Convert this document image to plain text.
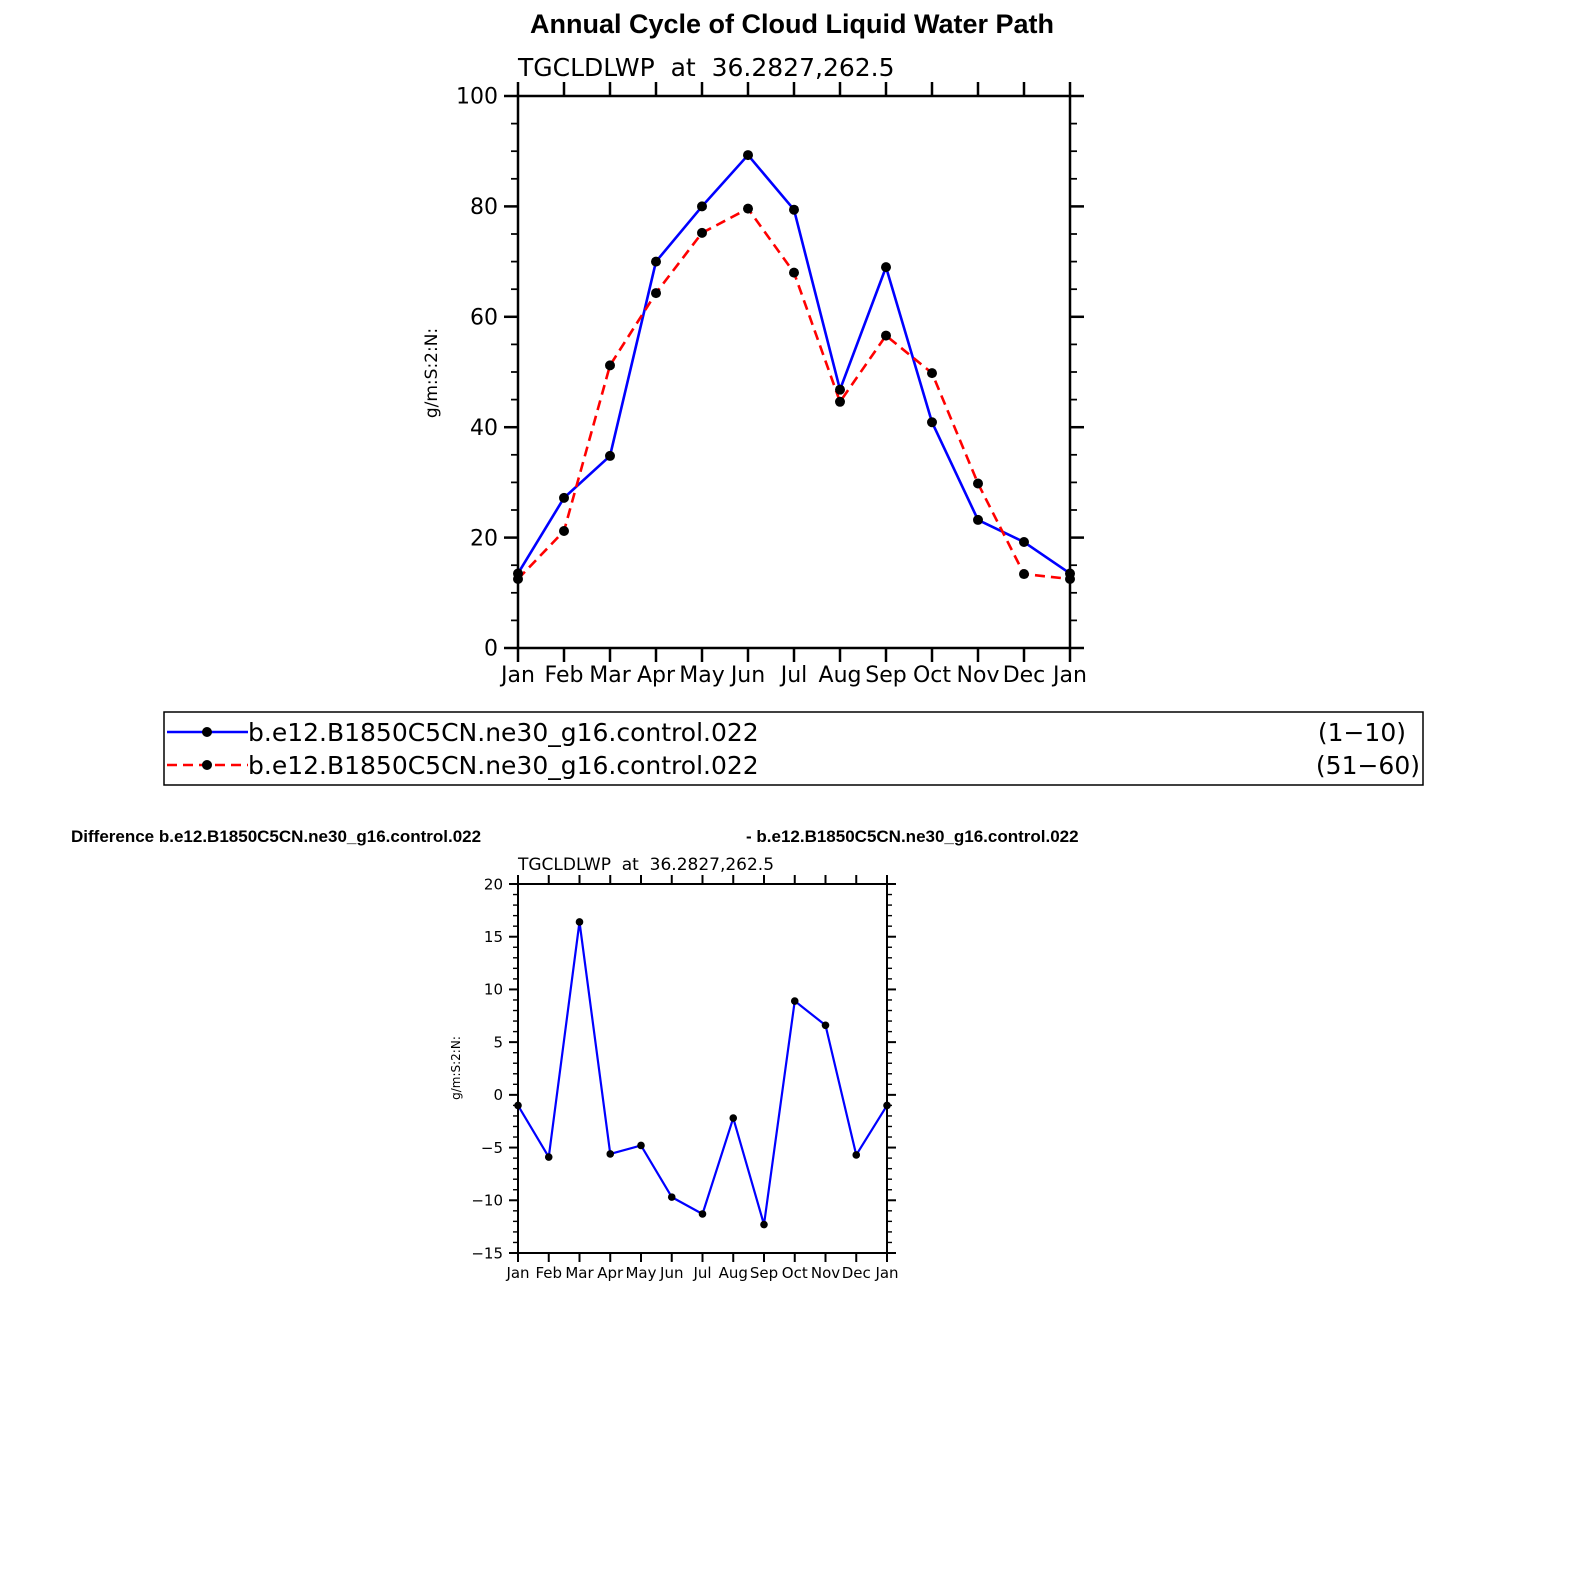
Annual Cycle of Cloud Liquid Water Path
TGCLDLWP  at  36.2827,262.5
g/m:S:2:N:
Jan Feb Mar Apr May Jun Jul Aug Sep Oct Nov Dec Jan
0
20
40
60
80
100
b.e12.B1850C5CN.ne30_g16.control.022	(1−10)
b.e12.B1850C5CN.ne30_g16.control.022	(51−60)
Difference b.e12.B1850C5CN.ne30_g16.control.022	- b.e12.B1850C5CN.ne30_g16.control.022
TGCLDLWP  at  36.2827,262.5
g/m:S:2:N:
Jan Feb Mar Apr May Jun Jul Aug Sep Oct Nov Dec Jan
−15
−10
−5
0
5
10
15
20
